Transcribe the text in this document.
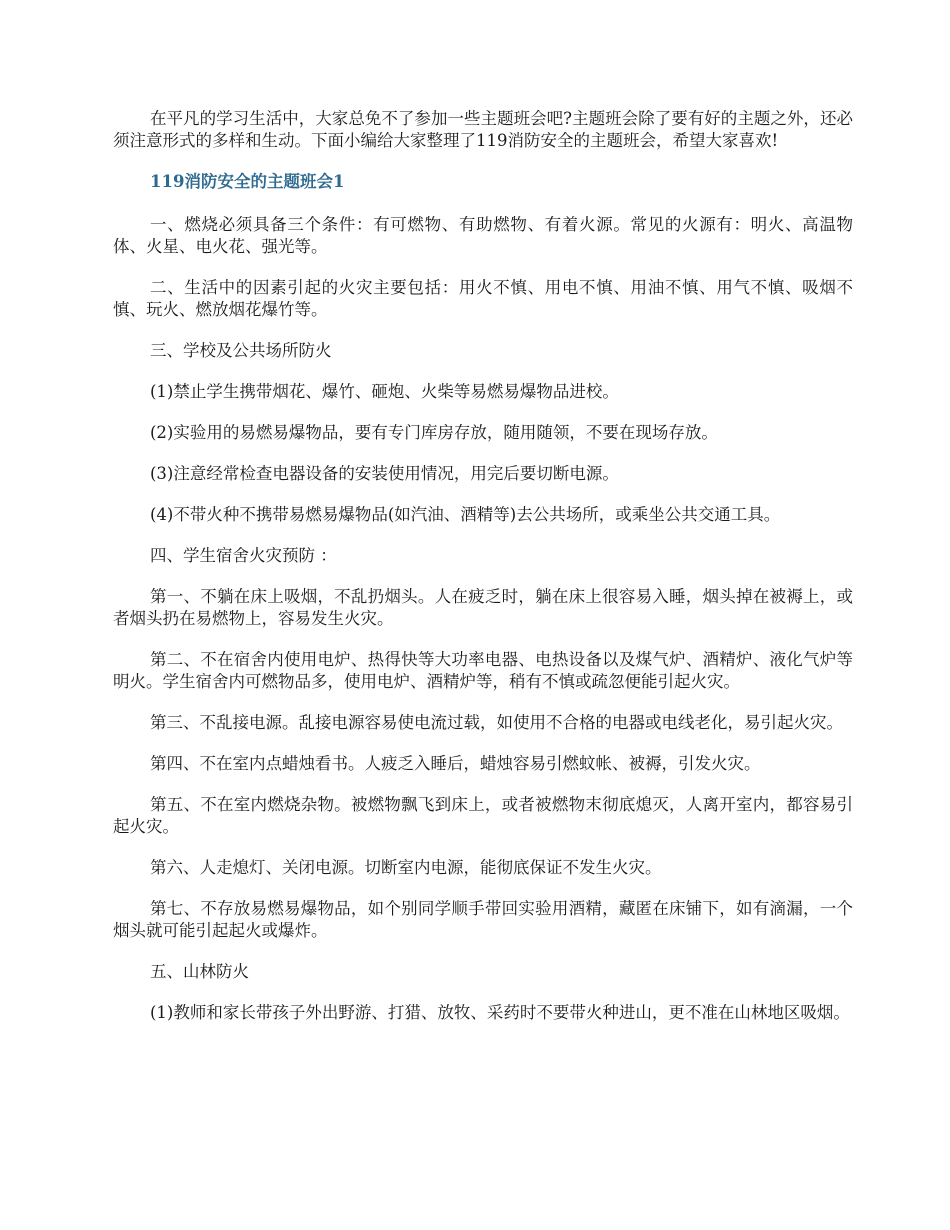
在平凡的学习生活中，大家总免不了参加一些主题班会吧?主题班会除了要有好的主题之外，还必须注意形式的多样和生动。下面小编给大家整理了119消防安全的主题班会，希望大家喜欢!

119消防安全的主题班会1

一、燃烧必须具备三个条件：有可燃物、有助燃物、有着火源。常见的火源有：明火、高温物体、火星、电火花、强光等。

二、生活中的因素引起的火灾主要包括：用火不慎、用电不慎、用油不慎、用气不慎、吸烟不慎、玩火、燃放烟花爆竹等。

三、学校及公共场所防火

(1)禁止学生携带烟花、爆竹、砸炮、火柴等易燃易爆物品进校。

(2)实验用的易燃易爆物品，要有专门库房存放，随用随领，不要在现场存放。

(3)注意经常检查电器设备的安装使用情况，用完后要切断电源。

(4)不带火种不携带易燃易爆物品(如汽油、酒精等)去公共场所，或乘坐公共交通工具。

四、学生宿舍火灾预防 ：

第一、不躺在床上吸烟，不乱扔烟头。人在疲乏时，躺在床上很容易入睡，烟头掉在被褥上，或者烟头扔在易燃物上，容易发生火灾。

第二、不在宿舍内使用电炉、热得快等大功率电器、电热设备以及煤气炉、酒精炉、液化气炉等明火。学生宿舍内可燃物品多，使用电炉、酒精炉等，稍有不慎或疏忽便能引起火灾。

第三、不乱接电源。乱接电源容易使电流过载，如使用不合格的电器或电线老化，易引起火灾。

第四、不在室内点蜡烛看书。人疲乏入睡后，蜡烛容易引燃蚊帐、被褥，引发火灾。

第五、不在室内燃烧杂物。被燃物飘飞到床上，或者被燃物末彻底熄灭，人离开室内，都容易引起火灾。

第六、人走熄灯、关闭电源。切断室内电源，能彻底保证不发生火灾。

第七、不存放易燃易爆物品，如个别同学顺手带回实验用酒精，藏匿在床铺下，如有滴漏，一个烟头就可能引起起火或爆炸。

五、山林防火

(1)教师和家长带孩子外出野游、打猎、放牧、采药时不要带火种进山，更不准在山林地区吸烟。
